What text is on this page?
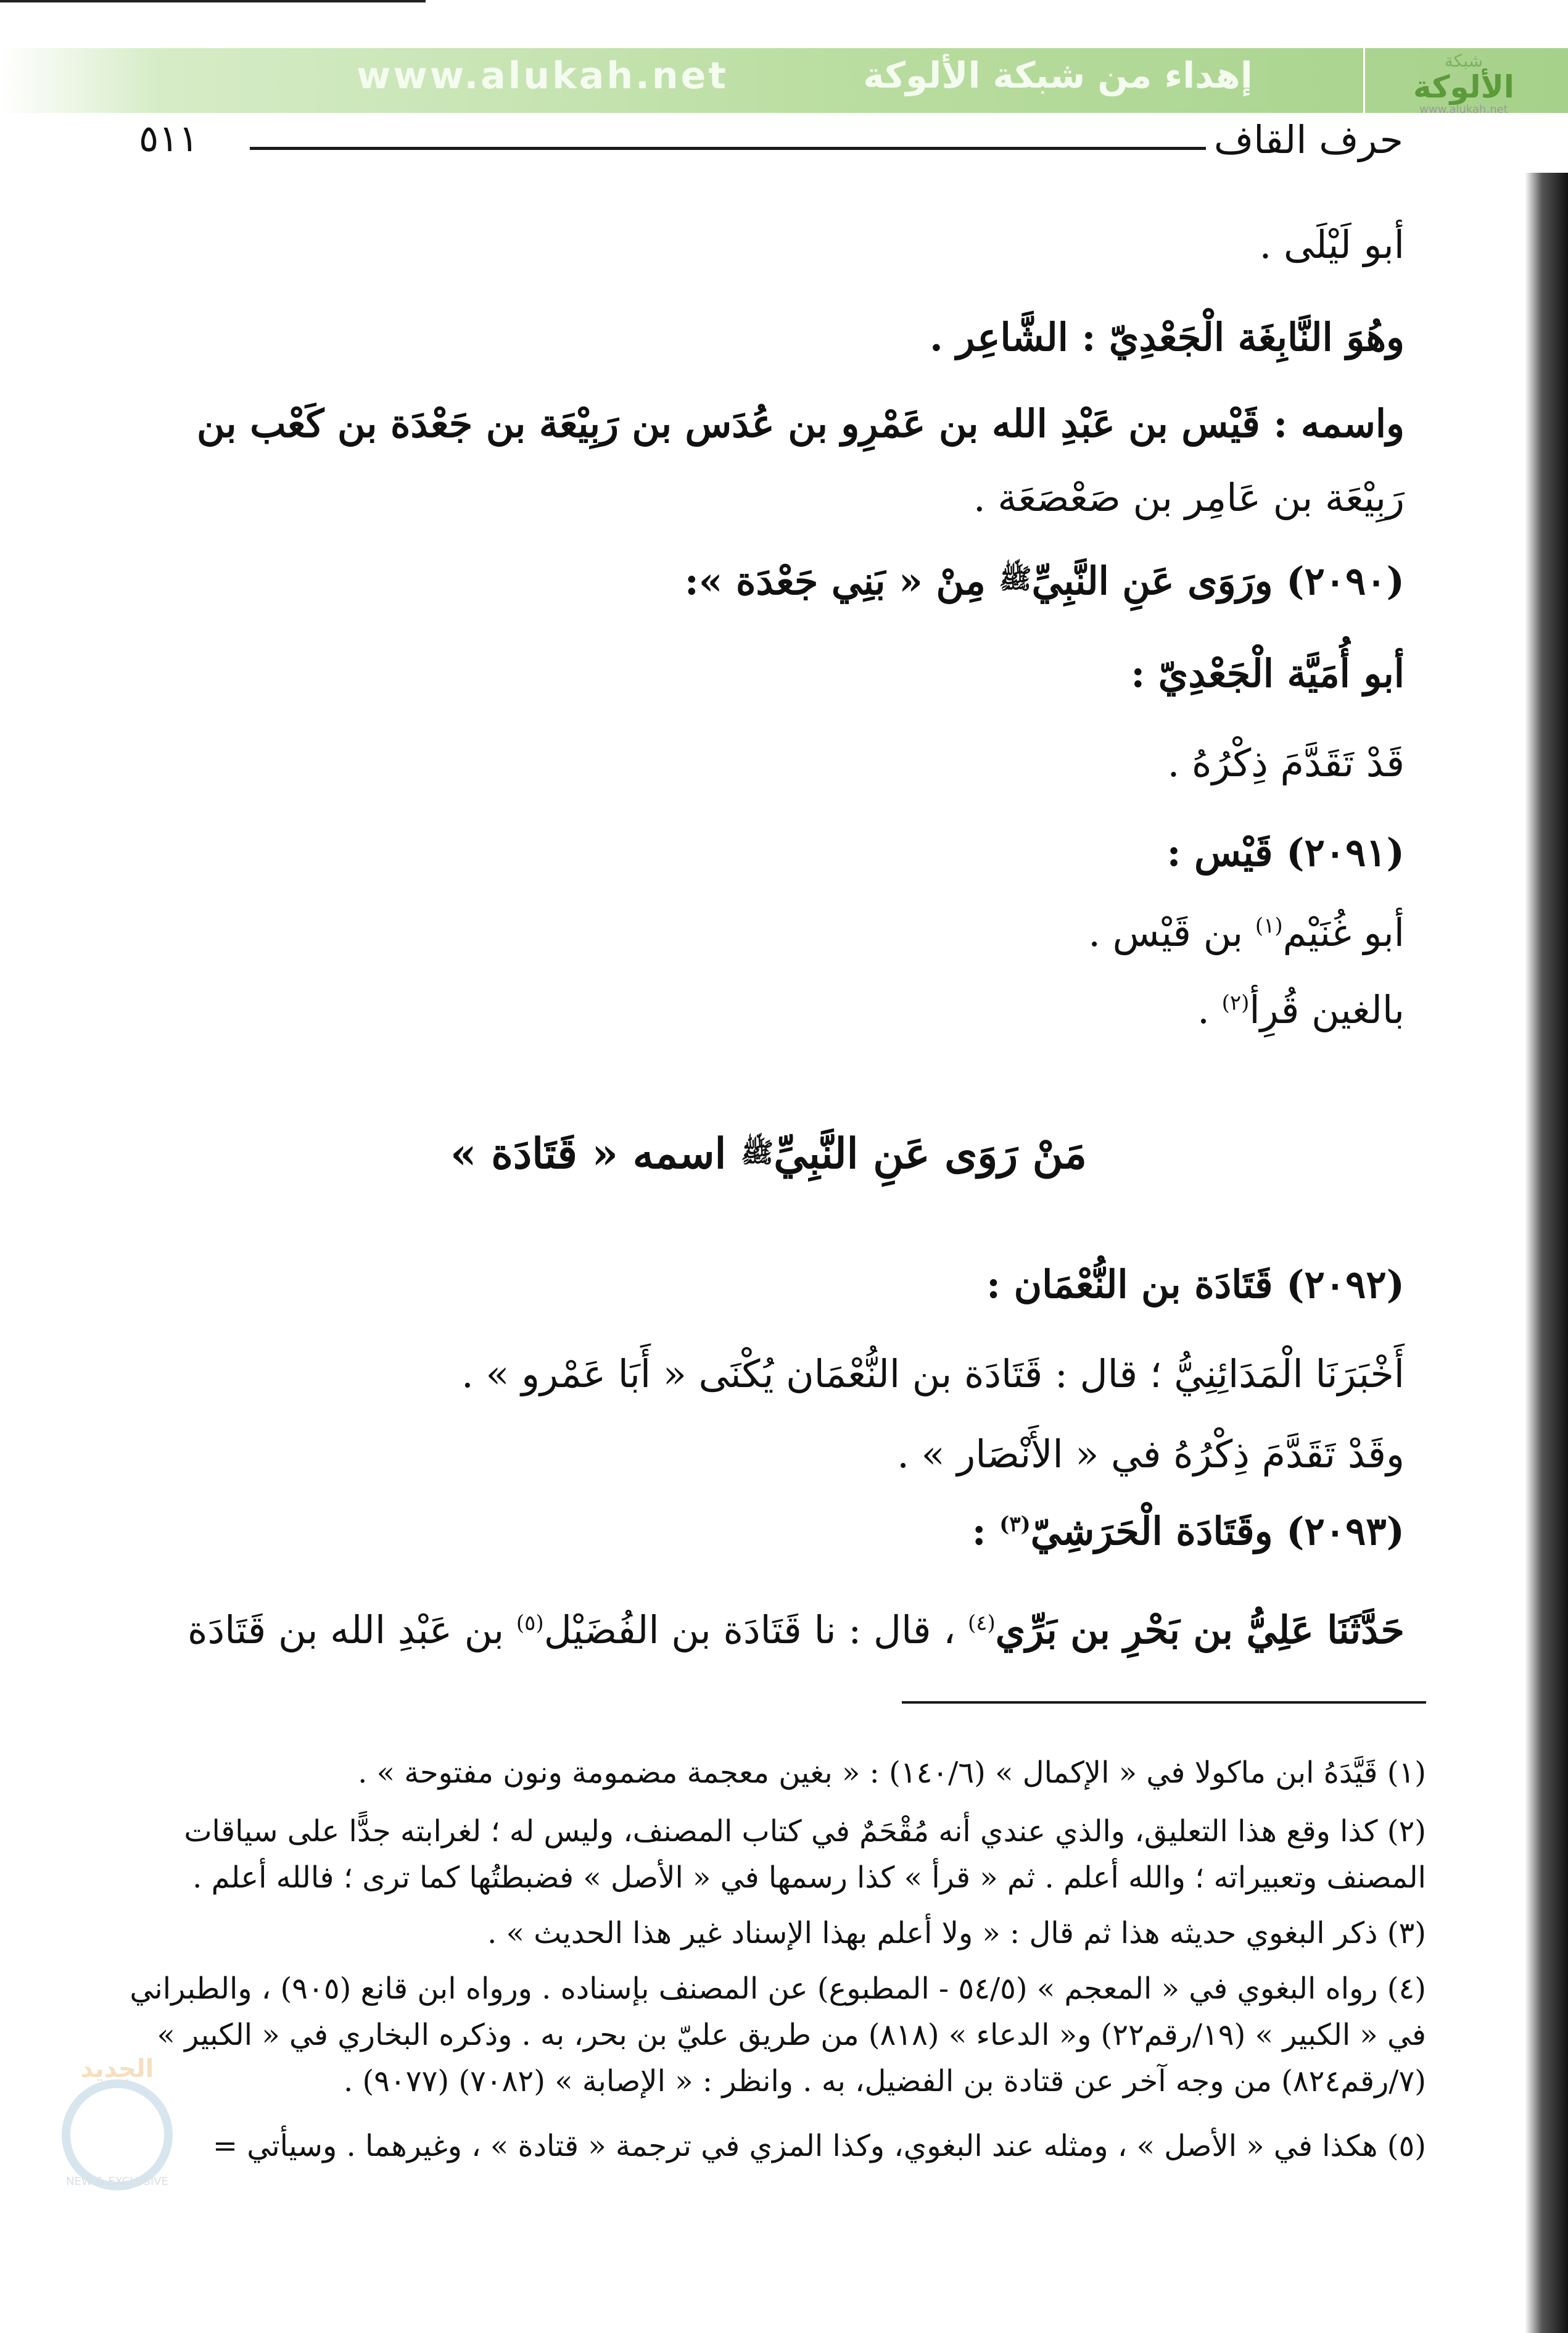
www.alukah.net	إهداء من شبكة الألوكة	شبكة
الألوكة
www.alukah.net
حرف القاف
٥١١
أبو لَيْلَى .
وهُوَ النَّابِغَة الْجَعْدِيّ : الشَّاعِر .
واسمه : قَيْس بن عَبْدِ الله بن عَمْرِو بن عُدَس بن رَبِيْعَة بن جَعْدَة بن كَعْب بن
رَبِيْعَة بن عَامِر بن صَعْصَعَة .
(٢٠٩٠) ورَوَى عَنِ النَّبِيِّﷺ مِنْ « بَنِي جَعْدَة »:
أبو أُمَيَّة الْجَعْدِيّ :
قَدْ تَقَدَّمَ ذِكْرُهُ .
(٢٠٩١) قَيْس :
أبو غُنَيْم$^{(١)}$ بن قَيْس .
بالغين قُرِأ$^{(٢)}$ .
مَنْ رَوَى عَنِ النَّبِيِّﷺ اسمه « قَتَادَة »
(٢٠٩٢) قَتَادَة بن النُّعْمَان :
أَخْبَرَنَا الْمَدَائِنِيُّ ؛ قال : قَتَادَة بن النُّعْمَان يُكْنَى « أَبَا عَمْرو » .
وقَدْ تَقَدَّمَ ذِكْرُهُ في « الأَنْصَار » .
(٢٠٩٣) وقَتَادَة الْحَرَشِيّ$^{(٣)}$ :
حَدَّثَنَا عَلِيُّ بن بَحْرِ بن بَرِّي$^{(٤)}$ ، قال : نا قَتَادَة بن الفُضَيْل$^{(٥)}$ بن عَبْدِ الله بن قَتَادَة
(١) قَيَّدَهُ ابن ماكولا في « الإكمال » (١٤٠/٦) : « بغين معجمة مضمومة ونون مفتوحة » .
(٢) كذا وقع هذا التعليق، والذي عندي أنه مُقْحَمٌ في كتاب المصنف، وليس له ؛ لغرابته جدًّا على سياقات
المصنف وتعبيراته ؛ والله أعلم . ثم « قرأ » كذا رسمها في « الأصل » فضبطتُها كما ترى ؛ فالله أعلم .
(٣) ذكر البغوي حديثه هذا ثم قال : « ولا أعلم بهذا الإسناد غير هذا الحديث » .
(٤) رواه البغوي في « المعجم » (٥٤/٥ - المطبوع) عن المصنف بإسناده . ورواه ابن قانع (٩٠٥) ، والطبراني
في « الكبير » (١٩/رقم٢٢) و« الدعاء » (٨١٨) من طريق عليّ بن بحر، به . وذكره البخاري في « الكبير »
(٧/رقم٨٢٤) من وجه آخر عن قتادة بن الفضيل، به . وانظر : « الإصابة » (٧٠٨٢) (٩٠٧٧) .
(٥) هكذا في « الأصل » ، ومثله عند البغوي، وكذا المزي في ترجمة « قتادة » ، وغيرهما . وسيأتي =
الجديد
NEW & EXCLUSIVE
